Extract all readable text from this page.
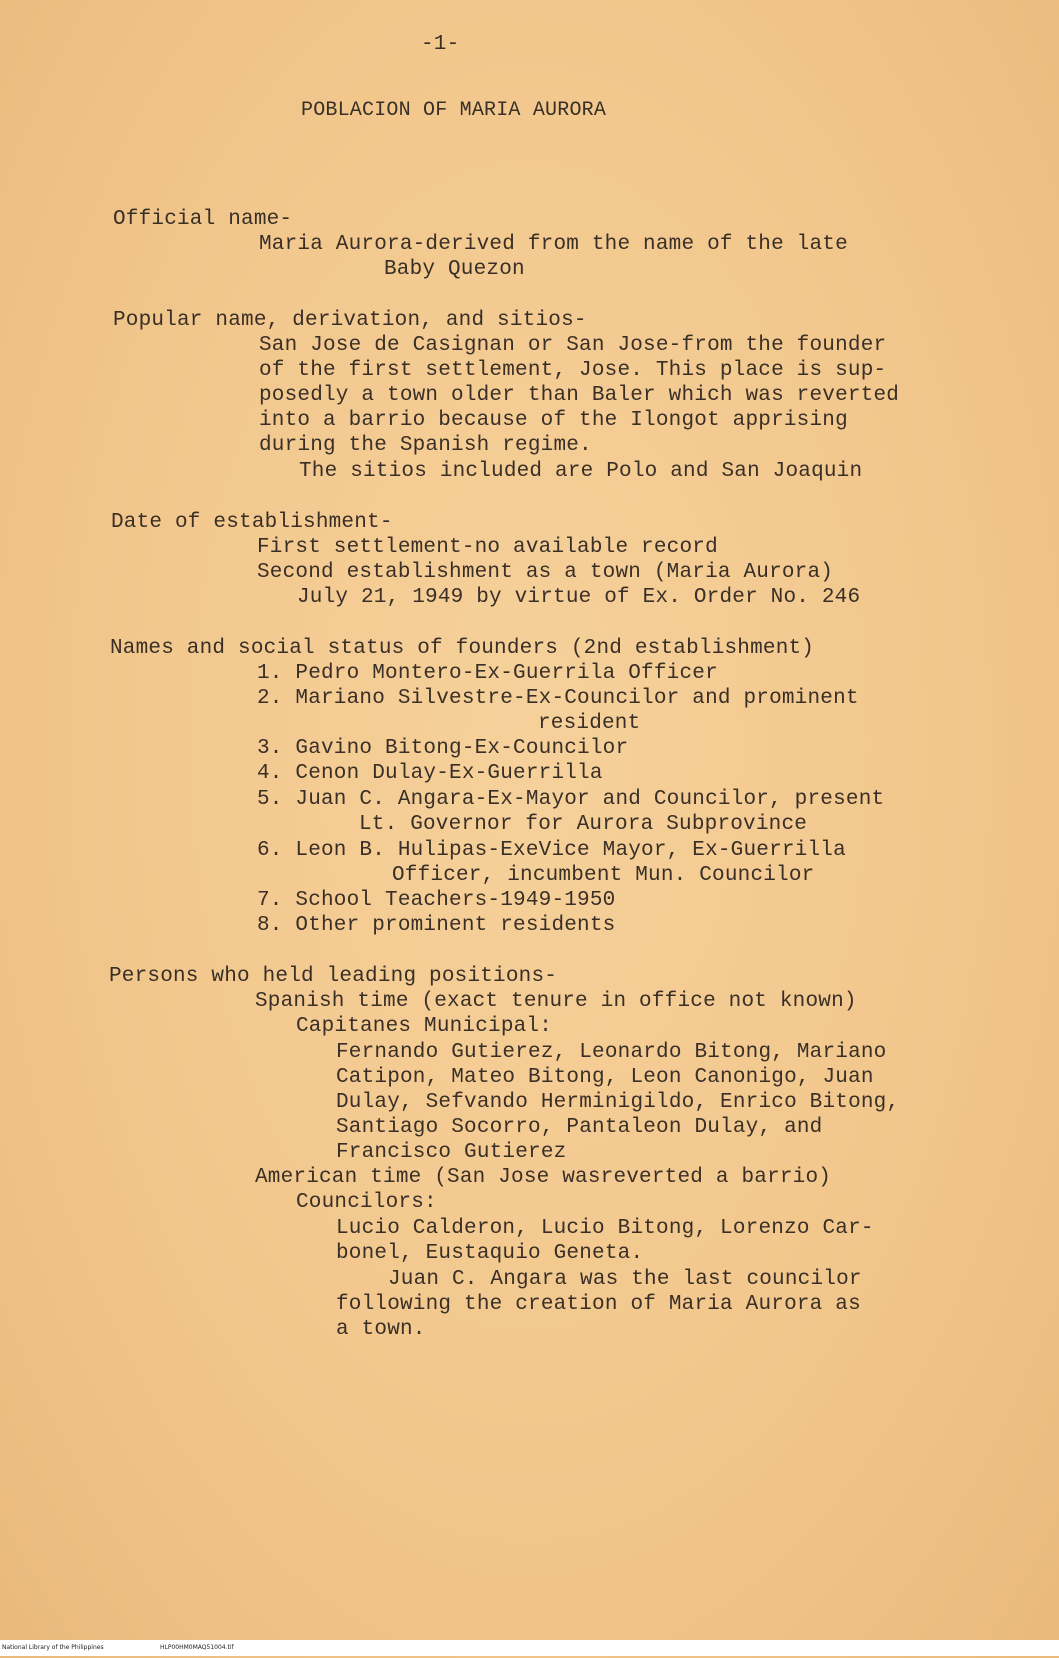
-1-
POBLACION OF MARIA AURORA
Official name-
Maria Aurora-derived from the name of the late
Baby Quezon
Popular name, derivation, and sitios-
San Jose de Casignan or San Jose-from the founder
of the first settlement, Jose. This place is sup-
posedly a town older than Baler which was reverted
into a barrio because of the Ilongot apprising
during the Spanish regime.
The sitios included are Polo and San Joaquin
Date of establishment-
First settlement-no available record
Second establishment as a town (Maria Aurora)
July 21, 1949 by virtue of Ex. Order No. 246
Names and social status of founders (2nd establishment)
1. Pedro Montero-Ex-Guerrila Officer
2. Mariano Silvestre-Ex-Councilor and prominent
resident
3. Gavino Bitong-Ex-Councilor
4. Cenon Dulay-Ex-Guerrilla
5. Juan C. Angara-Ex-Mayor and Councilor, present
Lt. Governor for Aurora Subprovince
6. Leon B. Hulipas-ExeVice Mayor, Ex-Guerrilla
Officer, incumbent Mun. Councilor
7. School Teachers-1949-1950
8. Other prominent residents
Persons who held leading positions-
Spanish time (exact tenure in office not known)
Capitanes Municipal:
Fernando Gutierez, Leonardo Bitong, Mariano
Catipon, Mateo Bitong, Leon Canonigo, Juan
Dulay, Sefvando Herminigildo, Enrico Bitong,
Santiago Socorro, Pantaleon Dulay, and
Francisco Gutierez
American time (San Jose wasreverted a barrio)
Councilors:
Lucio Calderon, Lucio Bitong, Lorenzo Car-
bonel, Eustaquio Geneta.
Juan C. Angara was the last councilor
following the creation of Maria Aurora as
a town.
National Library of the Philippines	HLP00HM0MAQ51004.tif
